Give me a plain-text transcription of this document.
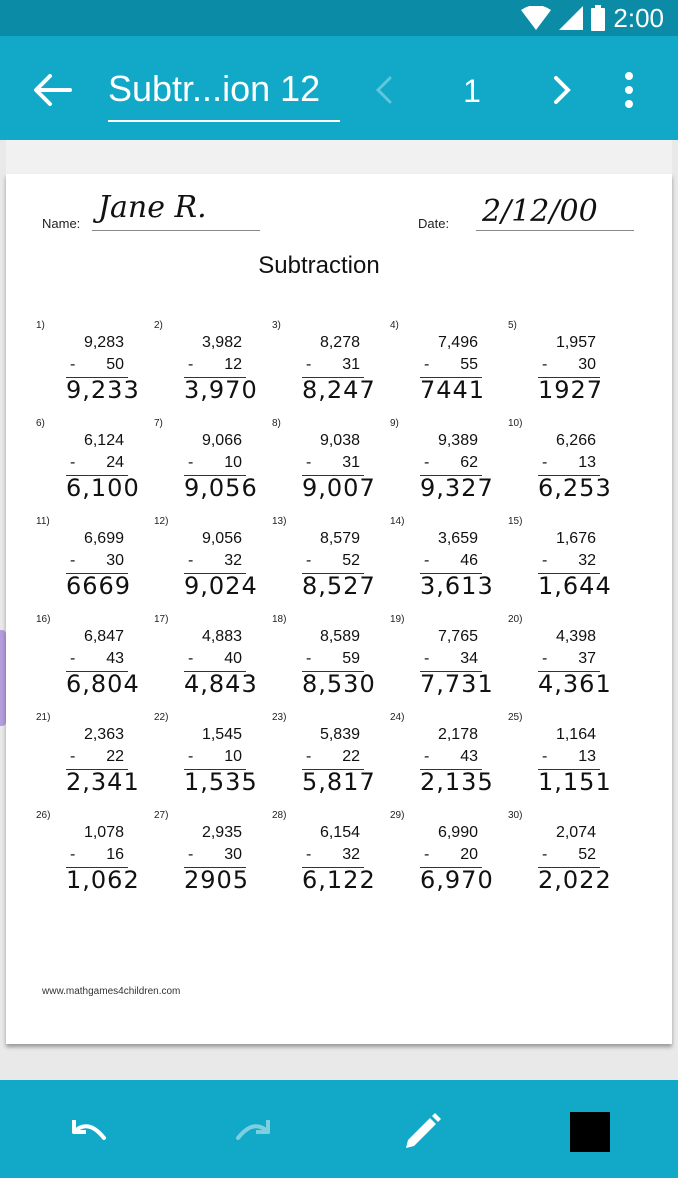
2:00
Subtr...ion 12	1
Name: Jane R.	Date: 2/12/00
Subtraction
1)
9,283
- 50
9,233
2)
3,982
- 12
3,970
3)
8,278
- 31
8,247
4)
7,496
- 55
7441
5)
1,957
- 30
1927
6)
6,124
- 24
6,100
7)
9,066
- 10
9,056
8)
9,038
- 31
9,007
9)
9,389
- 62
9,327
10)
6,266
- 13
6,253
11)
6,699
- 30
6669
12)
9,056
- 32
9,024
13)
8,579
- 52
8,527
14)
3,659
- 46
3,613
15)
1,676
- 32
1,644
16)
6,847
- 43
6,804
17)
4,883
- 40
4,843
18)
8,589
- 59
8,530
19)
7,765
- 34
7,731
20)
4,398
- 37
4,361
21)
2,363
- 22
2,341
22)
1,545
- 10
1,535
23)
5,839
- 22
5,817
24)
2,178
- 43
2,135
25)
1,164
- 13
1,151
26)
1,078
- 16
1,062
27)
2,935
- 30
2905
28)
6,154
- 32
6,122
29)
6,990
- 20
6,970
30)
2,074
- 52
2,022
www.mathgames4children.com
